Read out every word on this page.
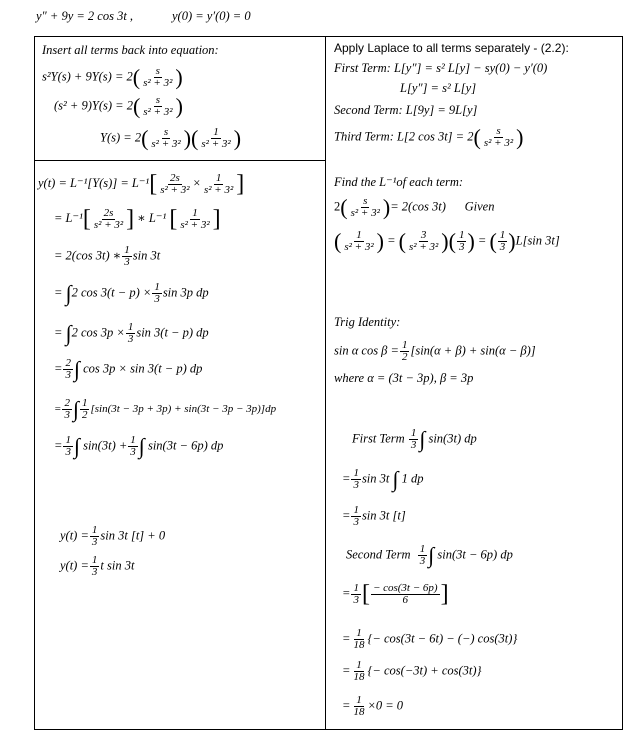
y″ + 9y = 2 cos 3t ,	y(0) = y′(0) = 0
Insert all terms back into equation:
$s^2Y(s) + 9Y(s) = 2( \frac{s}{\text{s² + 3²}}$ )
$(s^2 + 9)Y(s) = 2( \frac{s}{\text{s² + 3²}}$ )
$Y(s) = 2( \frac{s}{\text{s² + 3²}}$ )( $\frac{1}{\text{s² + 3²}}$ )
$y(t) = L^{-1}[Y(s)] = L^{-1}[ \frac{2s}{\text{s² + 3²}} \times \frac{1}{\text{s² + 3²}}$ ]
= $L^{-1}[ \frac{2s}{\text{s² + 3²}}$ ] ∗ L⁻¹ [ $\frac{1}{\text{s² + 3²}}$ ]
= 2(cos 3t) ∗ $\frac{1}{3}$ sin 3t
= ∫2 $\cos 3(t - p) \times \frac{1}{3}$ sin 3p dp
= ∫2 $\cos 3p \times \frac{1}{3}$ sin 3(t − p) dp
= $\frac{2}{3}$ ∫ cos 3p × sin 3(t − p) dp
= $\frac{2}{3}$ ∫ $\frac{1}{2} [\sin(3t - 3p + 3p) + \sin(3t - 3p - 3p)]dp$
= $\frac{1}{3}$ ∫ $\sin(3t) + \frac{1}{3}$ ∫ sin(3t − 6p) dp
$y(t) = \frac{1}{3}$ sin 3t [t] + 0
$y(t) = \frac{1}{3}$ t sin 3t
Apply Laplace to all terms separately - (2.2):
First Term: L[y″] = s² L[y] − sy(0) − y′(0)
L[y″] = s² L[y]
Second Term: L[9y] = 9L[y]
Third Term: L[2 $\cos 3t] = 2( \frac{s}{\text{s² + 3²}}$ )
Find the L⁻¹of each term:
$2( \frac{s}{\text{s² + 3²}}$ )= 2(cos 3t) Given
( $\frac{1}{\text{s² + 3²}}$ ) = ( $\frac{3}{\text{s² + 3²}}$ )( $\frac{1}{3}$ ) = ( $\frac{1}{3} )L[\sin$ 3t]
Trig Identity:
sin α $\cos \beta = \frac{1}{2} [\sin(\alpha + \beta) + \sin(\alpha - \beta)]$
where α = (3t − 3p), β = 3p
First Term $\frac{1}{3}$ ∫ sin(3t) dp
= $\frac{1}{3}$ sin 3t ∫ 1 dp
= $\frac{1}{3}$ sin 3t [t]
Second Term $\frac{1}{3}$ ∫ sin(3t − 6p) dp
= $\frac{1}{3}$ [ $\frac{- \cos(3t - 6p)}{6}$ ]
= $\frac{1}{18}$ {− cos(3t − 6t) − (−) cos(3t)}
= $\frac{1}{18}$ {− cos(−3t) + cos(3t)}
= $\frac{1}{18} \times 0 = 0$
